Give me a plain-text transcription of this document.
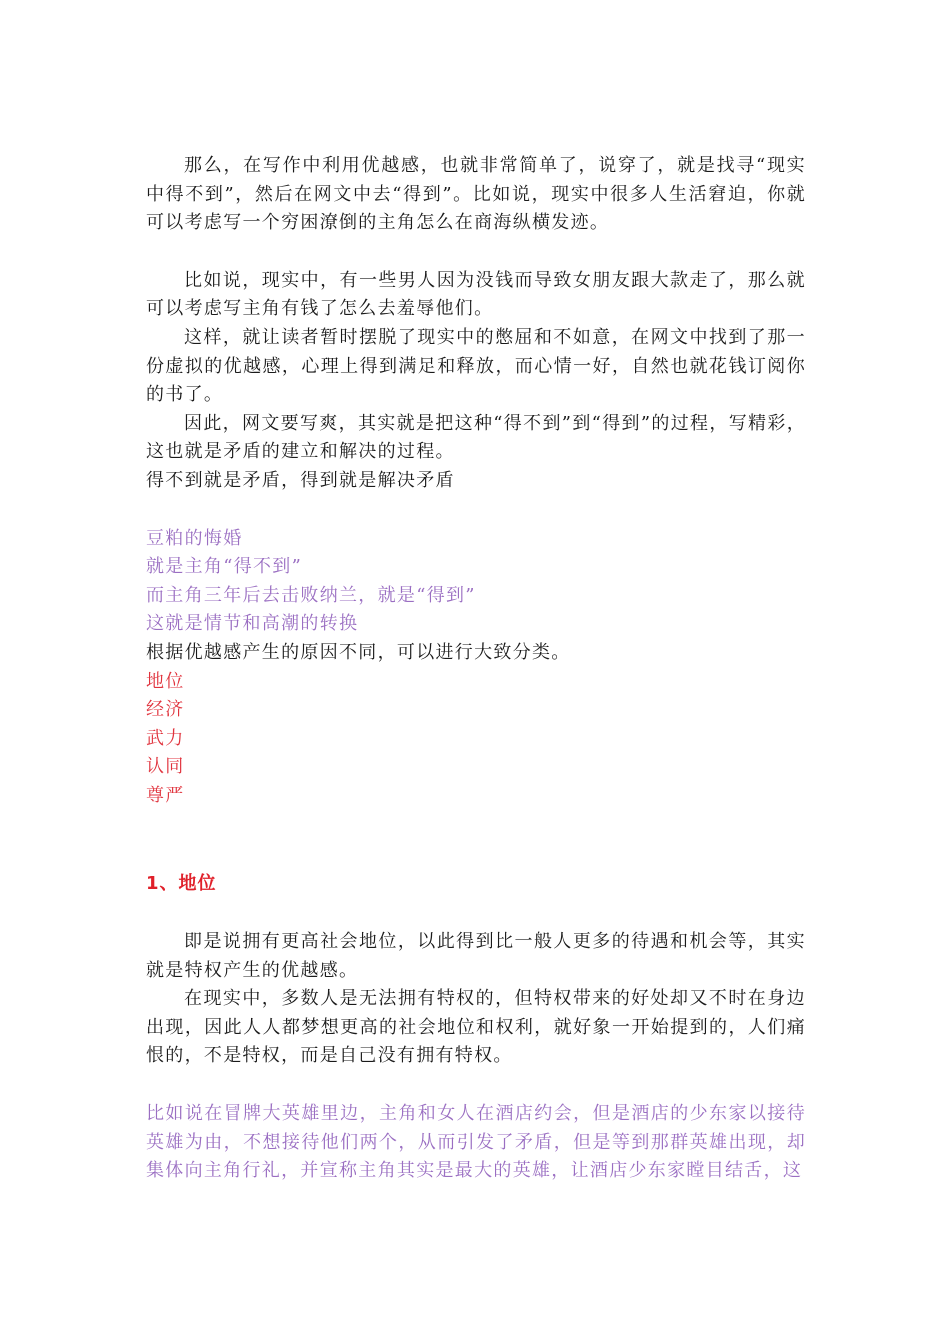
那么，在写作中利用优越感，也就非常简单了，说穿了，就是找寻“现实中得不到”，然后在网文中去“得到”。比如说，现实中很多人生活窘迫，你就可以考虑写一个穷困潦倒的主角怎么在商海纵横发迹。

比如说，现实中，有一些男人因为没钱而导致女朋友跟大款走了，那么就可以考虑写主角有钱了怎么去羞辱他们。

这样，就让读者暂时摆脱了现实中的憋屈和不如意，在网文中找到了那一份虚拟的优越感，心理上得到满足和释放，而心情一好，自然也就花钱订阅你的书了。

因此，网文要写爽，其实就是把这种“得不到”到“得到”的过程，写精彩，这也就是矛盾的建立和解决的过程。

得不到就是矛盾，得到就是解决矛盾

豆粕的悔婚
就是主角“得不到”
而主角三年后去击败纳兰，就是“得到”
这就是情节和高潮的转换

根据优越感产生的原因不同，可以进行大致分类。

地位
经济
武力
认同
尊严

1、地位

即是说拥有更高社会地位，以此得到比一般人更多的待遇和机会等，其实就是特权产生的优越感。

在现实中，多数人是无法拥有特权的，但特权带来的好处却又不时在身边出现，因此人人都梦想更高的社会地位和权利，就好象一开始提到的，人们痛恨的，不是特权，而是自己没有拥有特权。

比如说在冒牌大英雄里边，主角和女人在酒店约会，但是酒店的少东家以接待英雄为由，不想接待他们两个，从而引发了矛盾，但是等到那群英雄出现，却集体向主角行礼，并宣称主角其实是最大的英雄，让酒店少东家瞠目结舌，这
